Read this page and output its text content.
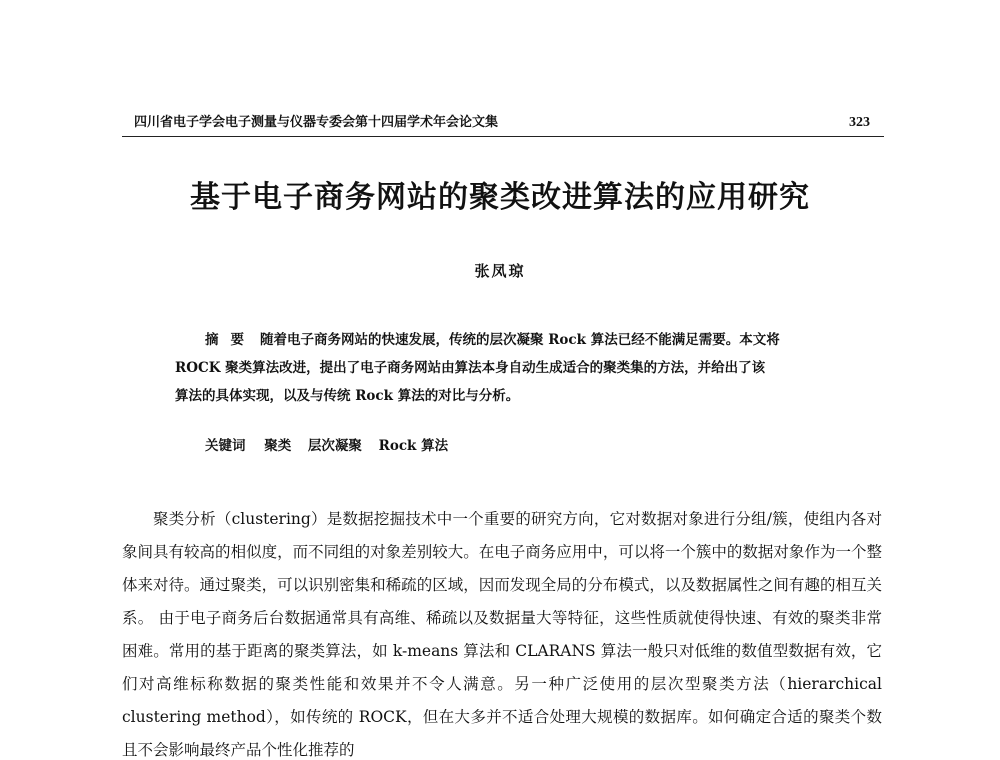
四川省电子学会电子测量与仪器专委会第十四届学术年会论文集	323
基于电子商务网站的聚类改进算法的应用研究
张凤琼
摘要 随着电子商务网站的快速发展，传统的层次凝聚 Rock 算法已经不能满足需要。本文将
ROCK 聚类算法改进，提出了电子商务网站由算法本身自动生成适合的聚类集的方法，并给出了该
算法的具体实现，以及与传统 Rock 算法的对比与分析。
关键词 聚类 层次凝聚 Rock 算法
聚类分析（clustering）是数据挖掘技术中一个重要的研究方向，它对数据对象进行分组/簇，使组内各对象间具有较高的相似度，而不同组的对象差别较大。在电子商务应用中，可以将一个簇中的数据对象作为一个整体来对待。通过聚类，可以识别密集和稀疏的区域，因而发现全局的分布模式，以及数据属性之间有趣的相互关系。 由于电子商务后台数据通常具有高维、稀疏以及数据量大等特征，这些性质就使得快速、有效的聚类非常困难。常用的基于距离的聚类算法，如 k-means 算法和 CLARANS 算法一般只对低维的数值型数据有效，它们对高维标称数据的聚类性能和效果并不令人满意。另一种广泛使用的层次型聚类方法（hierarchical clustering method），如传统的 ROCK，但在大多并不适合处理大规模的数据库。如何确定合适的聚类个数且不会影响最终产品个性化推荐的
